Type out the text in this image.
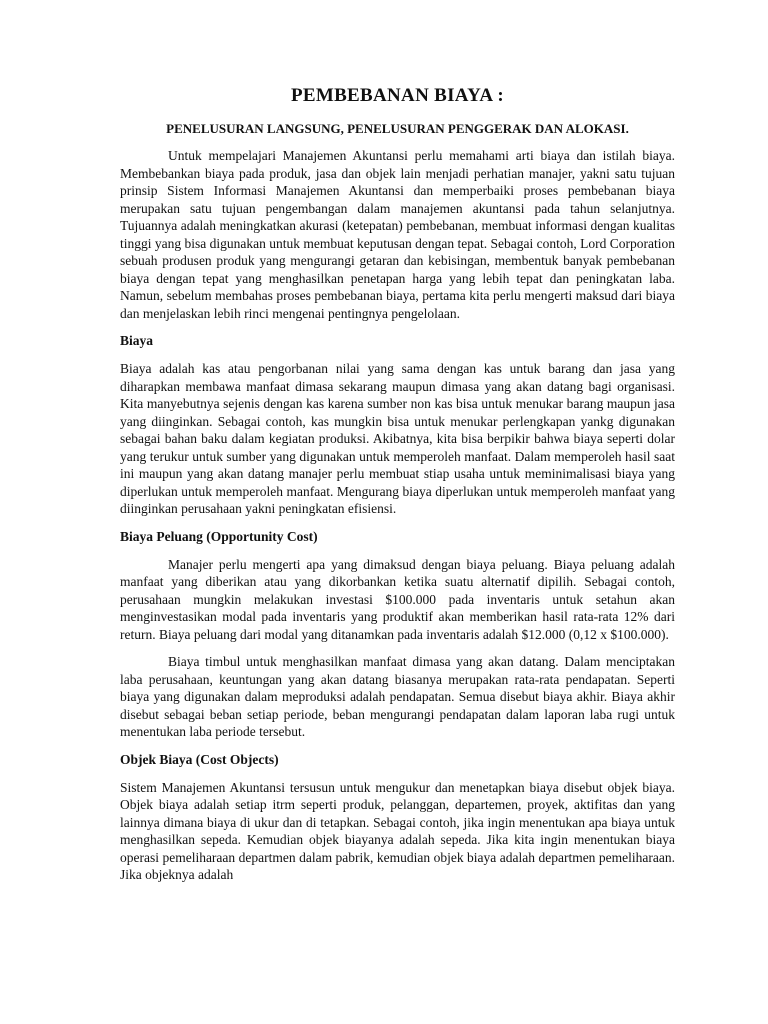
PEMBEBANAN BIAYA :
PENELUSURAN LANGSUNG, PENELUSURAN PENGGERAK DAN ALOKASI.

Untuk mempelajari Manajemen Akuntansi perlu memahami arti biaya dan istilah biaya. Membebankan biaya pada produk, jasa dan objek lain menjadi perhatian manajer, yakni satu tujuan prinsip Sistem Informasi Manajemen Akuntansi dan memperbaiki proses pembebanan biaya merupakan satu tujuan pengembangan dalam manajemen akuntansi pada tahun selanjutnya. Tujuannya adalah meningkatkan akurasi (ketepatan) pembebanan, membuat informasi dengan kualitas tinggi yang bisa digunakan untuk membuat keputusan dengan tepat. Sebagai contoh, Lord Corporation sebuah produsen produk yang mengurangi getaran dan kebisingan, membentuk banyak pembebanan biaya dengan tepat yang menghasilkan penetapan harga yang lebih tepat dan peningkatan laba. Namun, sebelum membahas proses pembebanan biaya, pertama kita perlu mengerti maksud dari biaya dan menjelaskan lebih rinci mengenai pentingnya pengelolaan.

Biaya

Biaya adalah kas atau pengorbanan nilai yang sama dengan kas untuk barang dan jasa yang diharapkan membawa manfaat dimasa sekarang maupun dimasa yang akan datang bagi organisasi. Kita manyebutnya sejenis dengan kas karena sumber non kas bisa untuk menukar barang maupun jasa yang diinginkan. Sebagai contoh, kas mungkin bisa untuk menukar perlengkapan yankg digunakan sebagai bahan baku dalam kegiatan produksi. Akibatnya, kita bisa berpikir bahwa biaya seperti dolar yang terukur untuk sumber yang digunakan untuk memperoleh manfaat. Dalam memperoleh hasil saat ini maupun yang akan datang manajer perlu membuat stiap usaha untuk meminimalisasi biaya yang diperlukan untuk memperoleh manfaat. Mengurang biaya diperlukan untuk memperoleh manfaat yang diinginkan perusahaan yakni peningkatan efisiensi.

Biaya Peluang (Opportunity Cost)

Manajer perlu mengerti apa yang dimaksud dengan biaya peluang. Biaya peluang adalah manfaat yang diberikan atau yang dikorbankan ketika suatu alternatif dipilih. Sebagai contoh, perusahaan mungkin melakukan investasi $100.000 pada inventaris untuk setahun akan menginvestasikan modal pada inventaris yang produktif akan memberikan hasil rata-rata 12% dari return. Biaya peluang dari modal yang ditanamkan pada inventaris adalah $12.000 (0,12 x $100.000).

Biaya timbul untuk menghasilkan manfaat dimasa yang akan datang. Dalam menciptakan laba perusahaan, keuntungan yang akan datang biasanya merupakan rata-rata pendapatan. Seperti biaya yang digunakan dalam meproduksi adalah pendapatan. Semua disebut biaya akhir. Biaya akhir disebut sebagai beban setiap periode, beban mengurangi pendapatan dalam laporan laba rugi untuk menentukan laba periode tersebut.

Objek Biaya (Cost Objects)

Sistem Manajemen Akuntansi tersusun untuk mengukur dan menetapkan biaya disebut objek biaya. Objek biaya adalah setiap itrm seperti produk, pelanggan, departemen, proyek, aktifitas dan yang lainnya dimana biaya di ukur dan di tetapkan. Sebagai contoh, jika ingin menentukan apa biaya untuk menghasilkan sepeda. Kemudian objek biayanya adalah sepeda. Jika kita ingin menentukan biaya operasi pemeliharaan departmen dalam pabrik, kemudian objek biaya adalah departmen pemeliharaan. Jika objeknya adalah
